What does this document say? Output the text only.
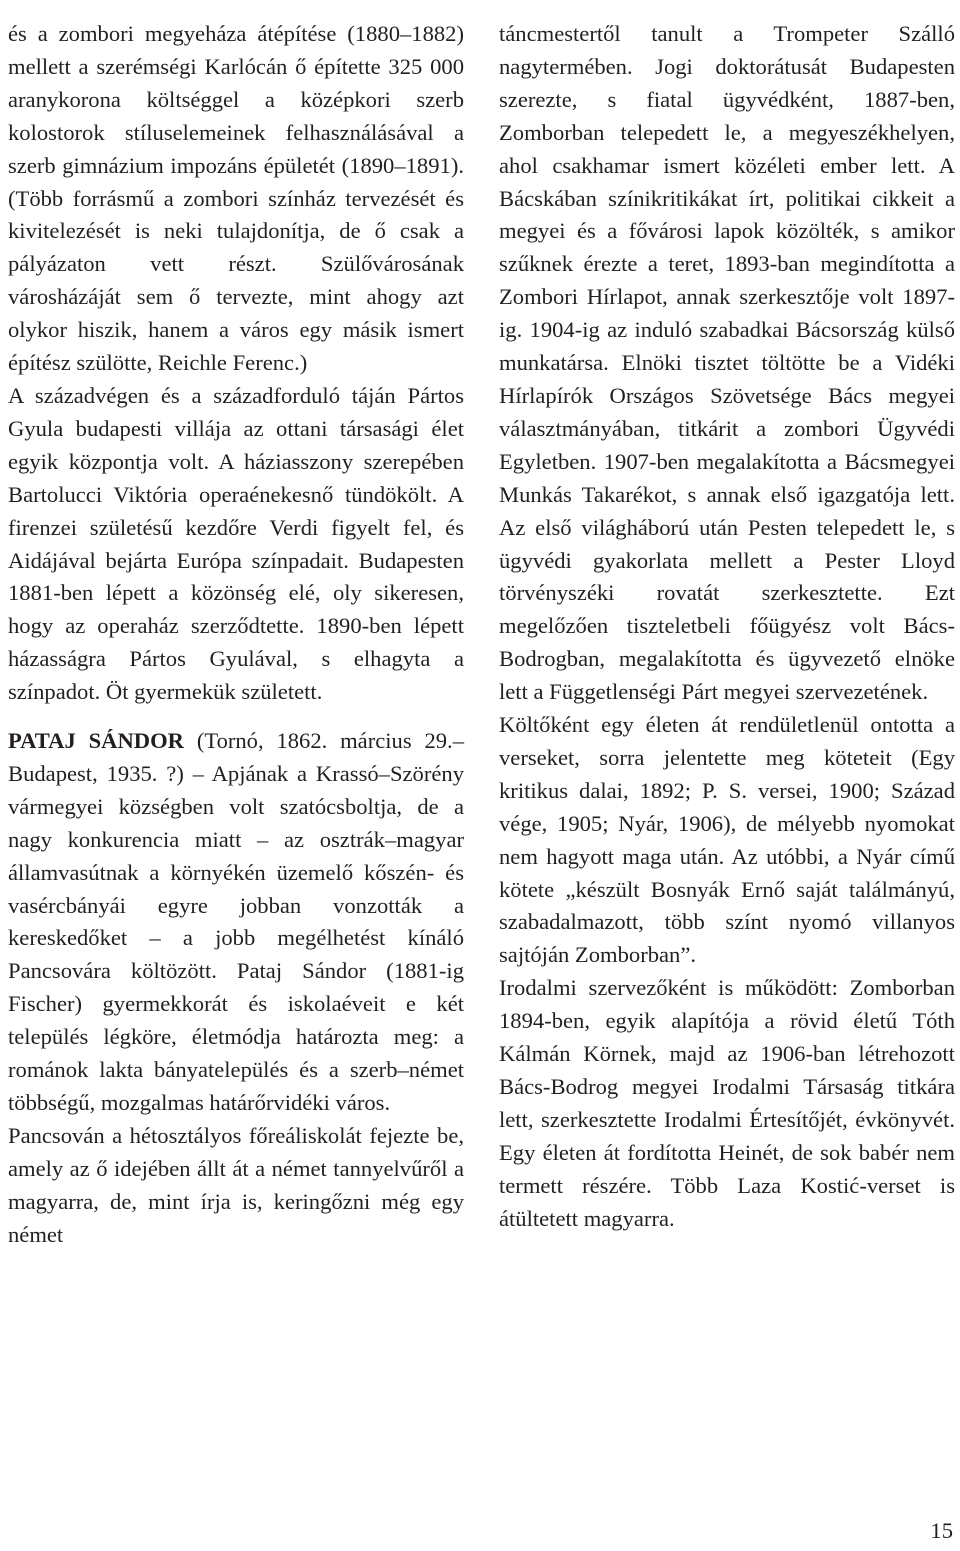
és a zombori megyeháza átépítése (1880–1882) mellett a szerémségi Karlócán ő építette 325 000 aranykorona költséggel a középkori szerb kolostorok stíluselemeinek felhasználásával a szerb gimnázium impozáns épületét (1890–1891). (Több forrásmű a zombori színház tervezését és kivitelezését is neki tulajdonítja, de ő csak a pályázaton vett részt. Szülővárosának városházáját sem ő tervezte, mint ahogy azt olykor hiszik, hanem a város egy másik ismert építész szülötte, Reichle Ferenc.)

A századvégen és a századforduló táján Pártos Gyula budapesti villája az ottani társasági élet egyik központja volt. A háziasszony szerepében Bartolucci Viktória operaénekesnő tündökölt. A firenzei születésű kezdőre Verdi figyelt fel, és Aidájával bejárta Európa színpadait. Budapesten 1881-ben lépett a közönség elé, oly sikeresen, hogy az operaház szerződtette. 1890-ben lépett házasságra Pártos Gyulával, s elhagyta a színpadot. Öt gyermekük született.

PATAJ SÁNDOR (Tornó, 1862. március 29.–Budapest, 1935. ?) – Apjának a Krassó–Szörény vármegyei községben volt szatócsboltja, de a nagy konkurencia miatt – az osztrák–magyar államvasútnak a környékén üzemelő kőszén- és vasércbányái egyre jobban vonzották a kereskedőket – a jobb megélhetést kínáló Pancsovára költözött. Pataj Sándor (1881-ig Fischer) gyermekkorát és iskolaéveit e két település légköre, életmódja határozta meg: a románok lakta bányatelepülés és a szerb–német többségű, mozgalmas határőrvidéki város.

Pancsován a hétosztályos főreáliskolát fejezte be, amely az ő idejében állt át a német tannyelvűről a magyarra, de, mint írja is, keringőzni még egy német

táncmestertől tanult a Trompeter Szálló nagytermében. Jogi doktorátusát Budapesten szerezte, s fiatal ügyvédként, 1887-ben, Zomborban telepedett le, a megyeszékhelyen, ahol csakhamar ismert közéleti ember lett. A Bácskában színikritikákat írt, politikai cikkeit a megyei és a fővárosi lapok közölték, s amikor szűknek érezte a teret, 1893-ban megindította a Zombori Hírlapot, annak szerkesztője volt 1897-ig. 1904-ig az induló szabadkai Bácsország külső munkatársa. Elnöki tisztet töltötte be a Vidéki Hírlapírók Országos Szövetsége Bács megyei választmányában, titkárit a zombori Ügyvédi Egyletben. 1907-ben megalakította a Bácsmegyei Munkás Takarékot, s annak első igazgatója lett. Az első világháború után Pesten telepedett le, s ügyvédi gyakorlata mellett a Pester Lloyd törvényszéki rovatát szerkesztette. Ezt megelőzően tiszteletbeli főügyész volt Bács-Bodrogban, megalakította és ügyvezető elnöke lett a Függetlenségi Párt megyei szervezetének.

Költőként egy életen át rendületlenül ontotta a verseket, sorra jelentette meg köteteit (Egy kritikus dalai, 1892; P. S. versei, 1900; Század vége, 1905; Nyár, 1906), de mélyebb nyomokat nem hagyott maga után. Az utóbbi, a Nyár című kötete „készült Bosnyák Ernő saját találmányú, szabadalmazott, több színt nyomó villanyos sajtóján Zomborban”.

Irodalmi szervezőként is működött: Zomborban 1894-ben, egyik alapítója a rövid életű Tóth Kálmán Körnek, majd az 1906-ban létrehozott Bács-Bodrog megyei Irodalmi Társaság titkára lett, szerkesztette Irodalmi Értesítőjét, évkönyvét. Egy életen át fordította Heinét, de sok babér nem termett részére. Több Laza Kostić-verset is átültetett magyarra.

15
